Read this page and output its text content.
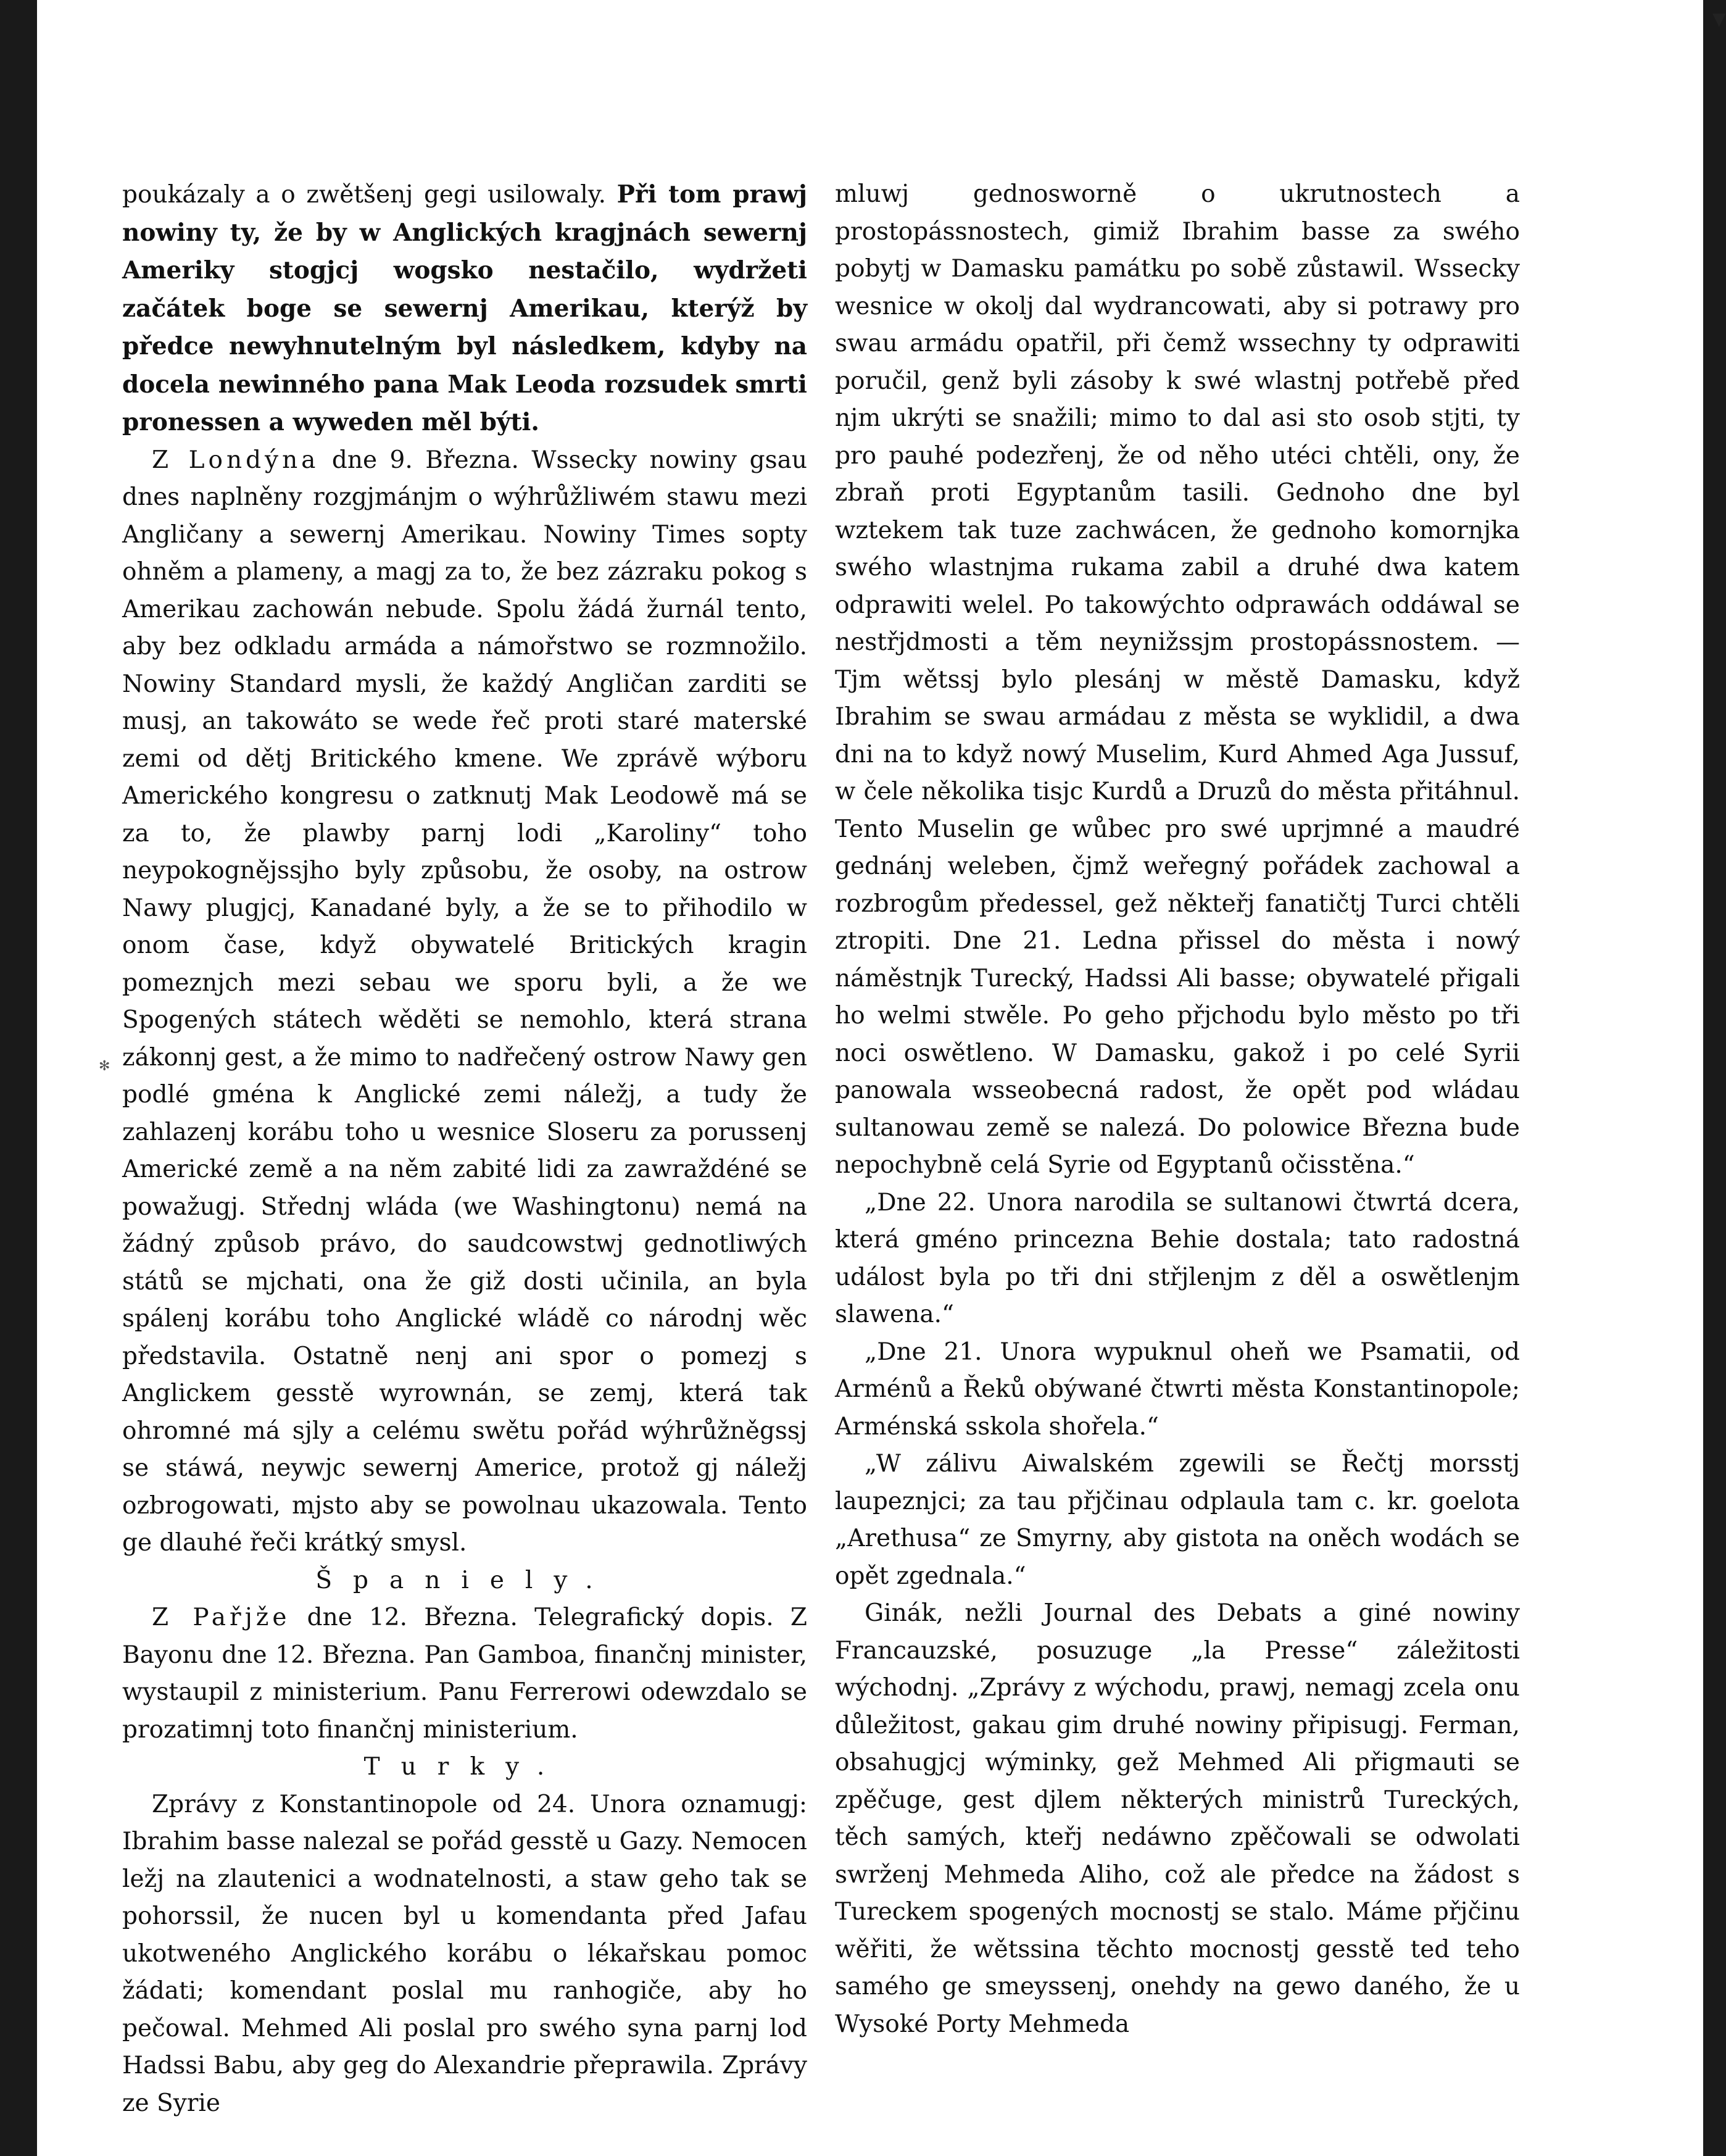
▼
✻

poukázaly a o zwětšenj gegi usilowaly. Při tom prawj nowiny ty, že by w Anglických kragjnách sewernj Ameriky stogjcj wogsko nestačilo, wydržeti začátek boge se sewernj Amerikau, kterýž by předce newyhnutelným byl následkem, kdyby na docela newinného pana Mak Leoda rozsudek smrti pronessen a wyweden měl býti.

Z Londýna dne 9. Března. Wssecky nowiny gsau dnes naplněny rozgjmánjm o wýhrůžliwém stawu mezi Angličany a sewernj Amerikau. Nowiny Times sopty ohněm a plameny, a magj za to, že bez zázraku pokog s Amerikau zachowán nebude. Spolu žádá žurnál tento, aby bez odkladu armáda a námořstwo se rozmnožilo. Nowiny Standard mysli, že každý Angličan zarditi se musj, an takowáto se wede řeč proti staré materské zemi od dětj Britického kmene. We zprávě wýboru Amerického kongresu o zatknutj Mak Leodowě má se za to, že plawby parnj lodi „Karoliny“ toho neypokognějssjho byly způsobu, že osoby, na ostrow Nawy plugjcj, Kanadané byly, a že se to přihodilo w onom čase, když obywatelé Britických kragin pomeznjch mezi sebau we sporu byli, a že we Spogených státech wěděti se nemohlo, která strana zákonnj gest, a že mimo to nadřečený ostrow Nawy gen podlé gména k Anglické zemi náležj, a tudy že zahlazenj korábu toho u wesnice Sloseru za porussenj Americké země a na něm zabité lidi za zawraždéné se powažugj. Střednj wláda (we Washingtonu) nemá na žádný způsob právo, do saudcowstwj gednotliwých států se mjchati, ona že giž dosti učinila, an byla spálenj korábu toho Anglické wládě co národnj wěc představila. Ostatně nenj ani spor o pomezj s Anglickem gesstě wyrownán, se zemj, která tak ohromné má sjly a celému swětu pořád wýhrůžněgssj se stáwá, neywjc sewernj Americe, protož gj náležj ozbrogowati, mjsto aby se powolnau ukazowala. Tento ge dlauhé řeči krátký smysl.

Španiely.

Z Pařjže dne 12. Března. Telegrafický dopis. Z Bayonu dne 12. Března. Pan Gamboa, finančnj minister, wystaupil z ministerium. Panu Ferrerowi odewzdalo se prozatimnj toto finančnj ministerium.

Turky.

Zprávy z Konstantinopole od 24. Unora oznamugj: Ibrahim basse nalezal se pořád gesstě u Gazy. Nemocen ležj na zlautenici a wodnatelnosti, a staw geho tak se pohorssil, že nucen byl u komendanta před Jafau ukotweného Anglického korábu o lékařskau pomoc žádati; komendant poslal mu ranhogiče, aby ho pečowal. Mehmed Ali poslal pro swého syna parnj lod Hadssi Babu, aby geg do Alexandrie přeprawila. Zprávy ze Syrie

mluwj gednosworně o ukrutnostech a prostopássnostech, gimiž Ibrahim basse za swého pobytj w Damasku památku po sobě zůstawil. Wssecky wesnice w okolj dal wydrancowati, aby si potrawy pro swau armádu opatřil, při čemž wssechny ty odprawiti poručil, genž byli zásoby k swé wlastnj potřebě před njm ukrýti se snažili; mimo to dal asi sto osob stjti, ty pro pauhé podezřenj, že od něho utéci chtěli, ony, že zbraň proti Egyptanům tasili. Gednoho dne byl wztekem tak tuze zachwácen, že gednoho komornjka swého wlastnjma rukama zabil a druhé dwa katem odprawiti welel. Po takowýchto odprawách oddáwal se nestřjdmosti a těm neynižssjm prostopássnostem. — Tjm wětssj bylo plesánj w městě Damasku, když Ibrahim se swau armádau z města se wyklidil, a dwa dni na to když nowý Muselim, Kurd Ahmed Aga Jussuf, w čele několika tisjc Kurdů a Druzů do města přitáhnul. Tento Muselin ge wůbec pro swé uprjmné a maudré gednánj weleben, čjmž weřegný pořádek zachowal a rozbrogům předessel, gež někteřj fanatičtj Turci chtěli ztropiti. Dne 21. Ledna přissel do města i nowý náměstnjk Turecký, Hadssi Ali basse; obywatelé přigali ho welmi stwěle. Po geho přjchodu bylo město po tři noci oswětleno. W Damasku, gakož i po celé Syrii panowala wsseobecná radost, že opět pod wládau sultanowau země se nalezá. Do polowice Března bude nepochybně celá Syrie od Egyptanů očisstěna.“

„Dne 22. Unora narodila se sultanowi čtwrtá dcera, která gméno princezna Behie dostala; tato radostná událost byla po tři dni střjlenjm z děl a oswětlenjm slawena.“

„Dne 21. Unora wypuknul oheň we Psamatii, od Arménů a Řeků obýwané čtwrti města Konstantinopole; Arménská sskola shořela.“

„W zálivu Aiwalském zgewili se Řečtj morsstj laupeznjci; za tau přjčinau odplaula tam c. kr. goelota „Arethusa“ ze Smyrny, aby gistota na oněch wodách se opět zgednala.“

Ginák, nežli Journal des Debats a giné nowiny Francauzské, posuzuge „la Presse“ záležitosti wýchodnj. „Zprávy z wýchodu, prawj, nemagj zcela onu důležitost, gakau gim druhé nowiny připisugj. Ferman, obsahugjcj wýminky, gež Mehmed Ali přigmauti se zpěčuge, gest djlem některých ministrů Tureckých, těch samých, kteřj nedáwno zpěčowali se odwolati swrženj Mehmeda Aliho, což ale předce na žádost s Tureckem spogených mocnostj se stalo. Máme přjčinu wěřiti, že wětssina těchto mocnostj gesstě ted teho samého ge smeyssenj, onehdy na gewo daného, že u Wysoké Porty Mehmeda
